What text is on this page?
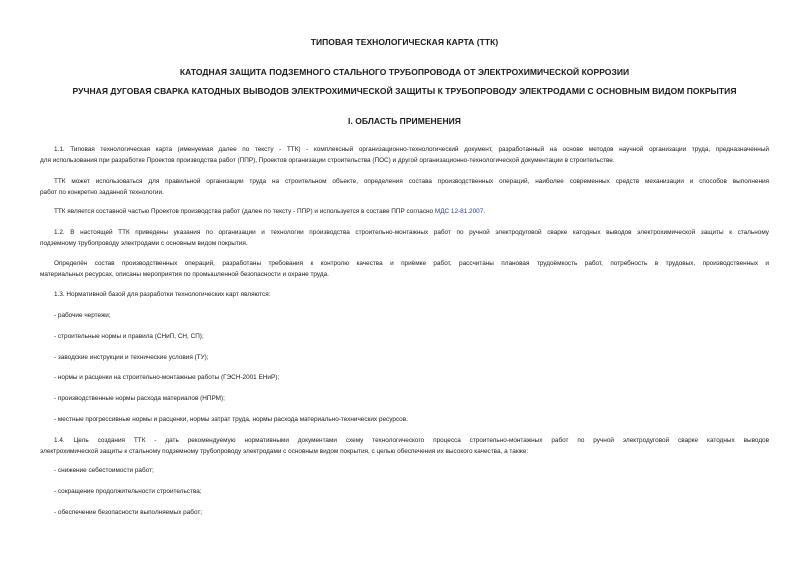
ТИПОВАЯ ТЕХНОЛОГИЧЕСКАЯ КАРТА (ТТК)
КАТОДНАЯ ЗАЩИТА ПОДЗЕМНОГО СТАЛЬНОГО ТРУБОПРОВОДА ОТ ЭЛЕКТРОХИМИЧЕСКОЙ КОРРОЗИИ
РУЧНАЯ ДУГОВАЯ СВАРКА КАТОДНЫХ ВЫВОДОВ ЭЛЕКТРОХИМИЧЕСКОЙ ЗАЩИТЫ К ТРУБОПРОВОДУ ЭЛЕКТРОДАМИ С ОСНОВНЫМ ВИДОМ ПОКРЫТИЯ
I. ОБЛАСТЬ ПРИМЕНЕНИЯ
1.1. Типовая технологическая карта (именуемая далее по тексту - ТТК) - комплексный организационно-технологический документ, разработанный на основе методов научной организации труда, предназначенный
для использования при разработке Проектов производства работ (ППР), Проектов организации строительства (ПОС) и другой организационно-технологической документации в строительстве.
ТТК может использоваться для правильной организации труда на строительном объекте, определения состава производственных операций, наиболее современных средств механизации и способов выполнения
работ по конкретно заданной технологии.
ТТК является составной частью Проектов производства работ (далее по тексту - ППР) и используется в составе ППР согласно МДС 12-81.2007.
1.2. В настоящей ТТК приведены указания по организации и технологии производства строительно-монтажных работ по ручной электродуговой сварке катодных выводов электрохимической защиты к стальному
подземному трубопроводу электродами с основным видом покрытия.
Определён состав производственных операций, разработаны требования к контролю качества и приёмке работ, рассчитаны плановая трудоёмкость работ, потребность в трудовых, производственных и
материальных ресурсах, описаны мероприятия по промышленной безопасности и охране труда.
1.3. Нормативной базой для разработки технологических карт являются:
- рабочие чертежи;
- строительные нормы и правила (СНиП, СН, СП);
- заводские инструкции и технические условия (ТУ);
- нормы и расценки на строительно-монтажные работы (ГЭСН-2001 ЕНиР);
- производственные нормы расхода материалов (НПРМ);
- местные прогрессивные нормы и расценки, нормы затрат труда, нормы расхода материально-технических ресурсов.
1.4. Цель создания ТТК - дать рекомендуемую нормативными документами схему технологического процесса строительно-монтажных работ по ручной электродуговой сварке катодных выводов
электрохимической защиты к стальному подземному трубопроводу электродами с основным видом покрытия, с целью обеспечения их высокого качества, а также:
- снижение себестоимости работ;
- сокращение продолжительности строительства;
- обеспечение безопасности выполняемых работ;
